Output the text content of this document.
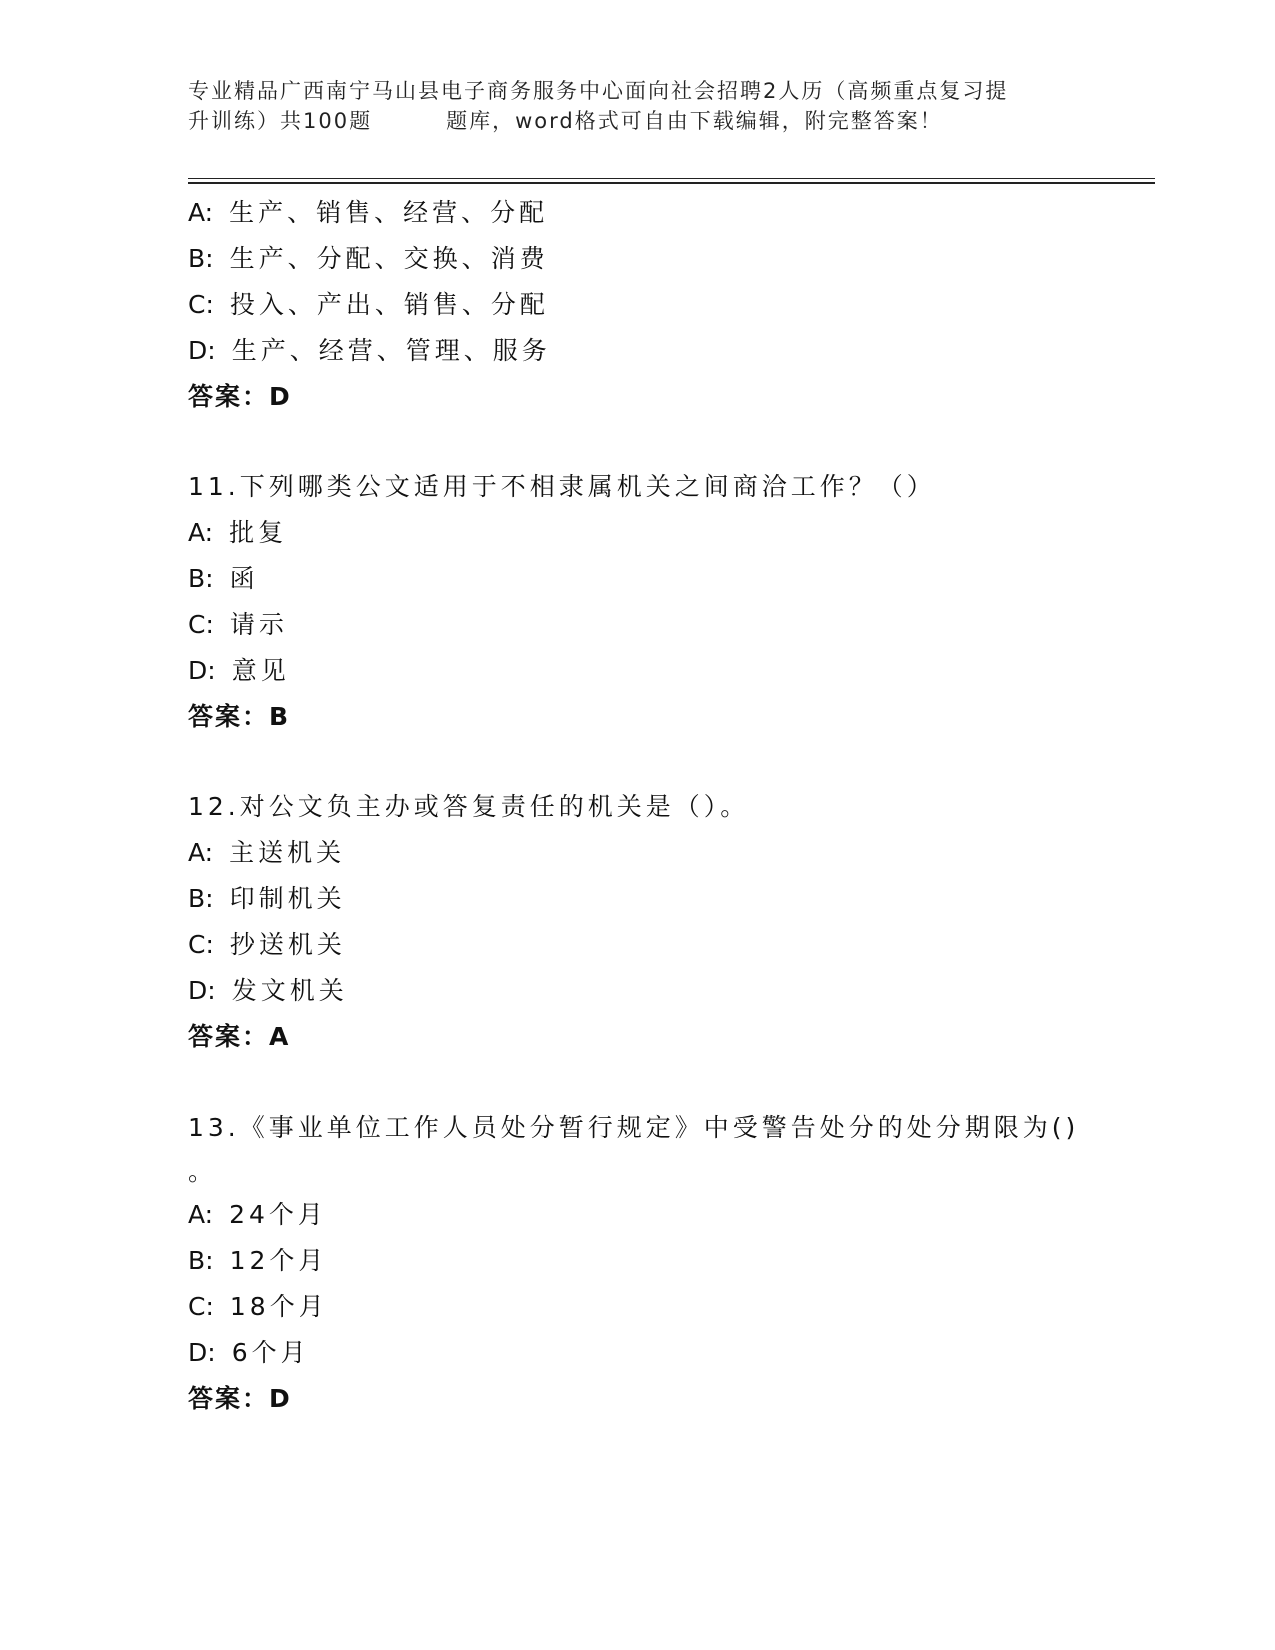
专业精品广西南宁马山县电子商务服务中心面向社会招聘2人历（高频重点复习提
升训练）共100题	题库，word格式可自由下载编辑，附完整答案！
A: 生产、销售、经营、分配
B: 生产、分配、交换、消费
C: 投入、产出、销售、分配
D: 生产、经营、管理、服务
答案：D
11.下列哪类公文适用于不相隶属机关之间商洽工作？（）
A: 批复
B: 函
C: 请示
D: 意见
答案：B
12.对公文负主办或答复责任的机关是（）。
A: 主送机关
B: 印制机关
C: 抄送机关
D: 发文机关
答案：A
13.《事业单位工作人员处分暂行规定》中受警告处分的处分期限为()
。
A: 24个月
B: 12个月
C: 18个月
D: 6个月
答案：D
